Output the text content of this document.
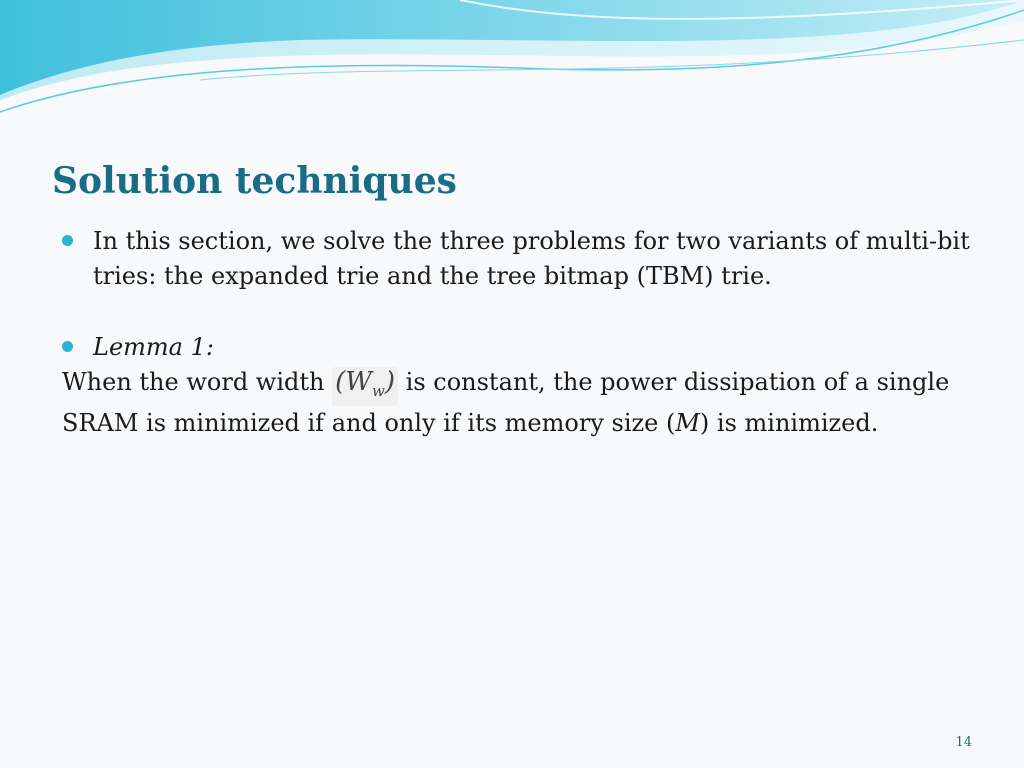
Solution techniques
In this section, we solve the three problems for two variants of multi-bit tries: the expanded trie and the tree bitmap (TBM) trie.
Lemma 1:
When the word width $(W_w)$ is constant, the power dissipation of a single SRAM is minimized if and only if its memory size (M) is minimized.
14
